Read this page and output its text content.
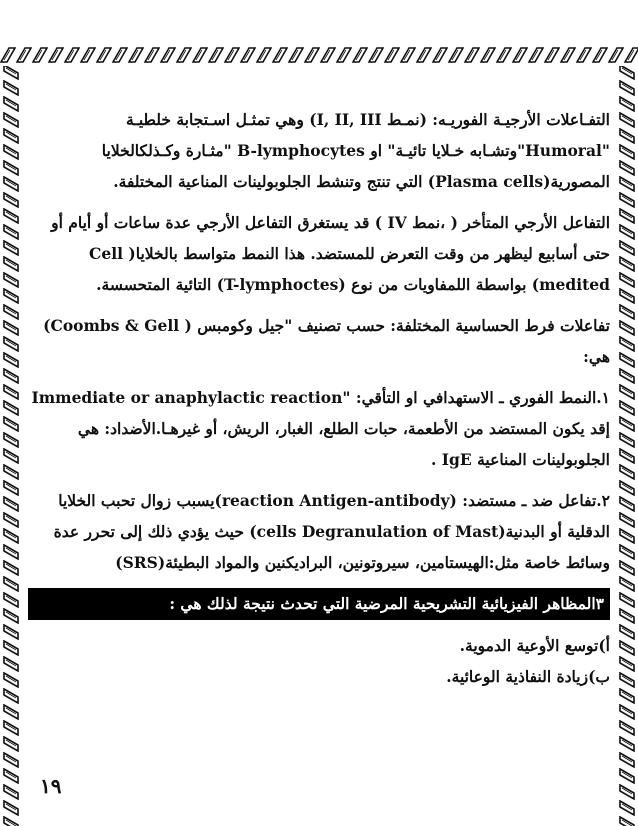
التفـاعلات الأرجيـة الفوريـه: (نمـط I, II, III) وهي تمثـل اسـتجابة خلطيـة
"Humoral"وتشـابه خـلايا تائيـة" او B-lymphocytes "مثـارة وكـذلكالخلايا
المصورية(Plasma cells) التي تنتج وتنشط الجلوبولينات المناعية المختلفة.
التفاعل الأرجي المتأخر ( ،نمط IV ) قد يستغرق التفاعل الأرجي عدة ساعات أو أيام أو
حتى أسابيع ليظهر من وقت التعرض للمستضد. هذا النمط متواسط بالخلايا( Cell
medited) بواسطة اللمفاويات من نوع (T-lymphoctes) التائية المتحسسة.
تفاعلات فرط الحساسية المختلفة: حسب تصنيف "جيل وكومبس ( Coombs & Gell)
هي:
١.النمط الفوري ـ الاستهدافي او التأقي: "Immediate or anaphylactic reaction
إقد يكون المستضد من الأطعمة، حبات الطلع، الغبار، الريش، أو غيرهـا.الأضداد: هي
الجلوبولينات المناعية IgE .
٢.تفاعل ضد ـ مستضد: (reaction Antigen-antibody)يسبب زوال تحبب الخلايا
الدقلية أو البدنية(cells Degranulation of Mast) حيث يؤدي ذلك إلى تحرر عدة
وسائط خاصة مثل:الهيستامين، سيروتونين، البراديكنين والمواد البطيئة(SRS)
٣المظاهر الفيزيائية التشريحية المرضية التي تحدث نتيجة لذلك هي :
أ)توسع الأوعية الدموية.
ب)زيادة النفاذية الوعائية.
١٩
